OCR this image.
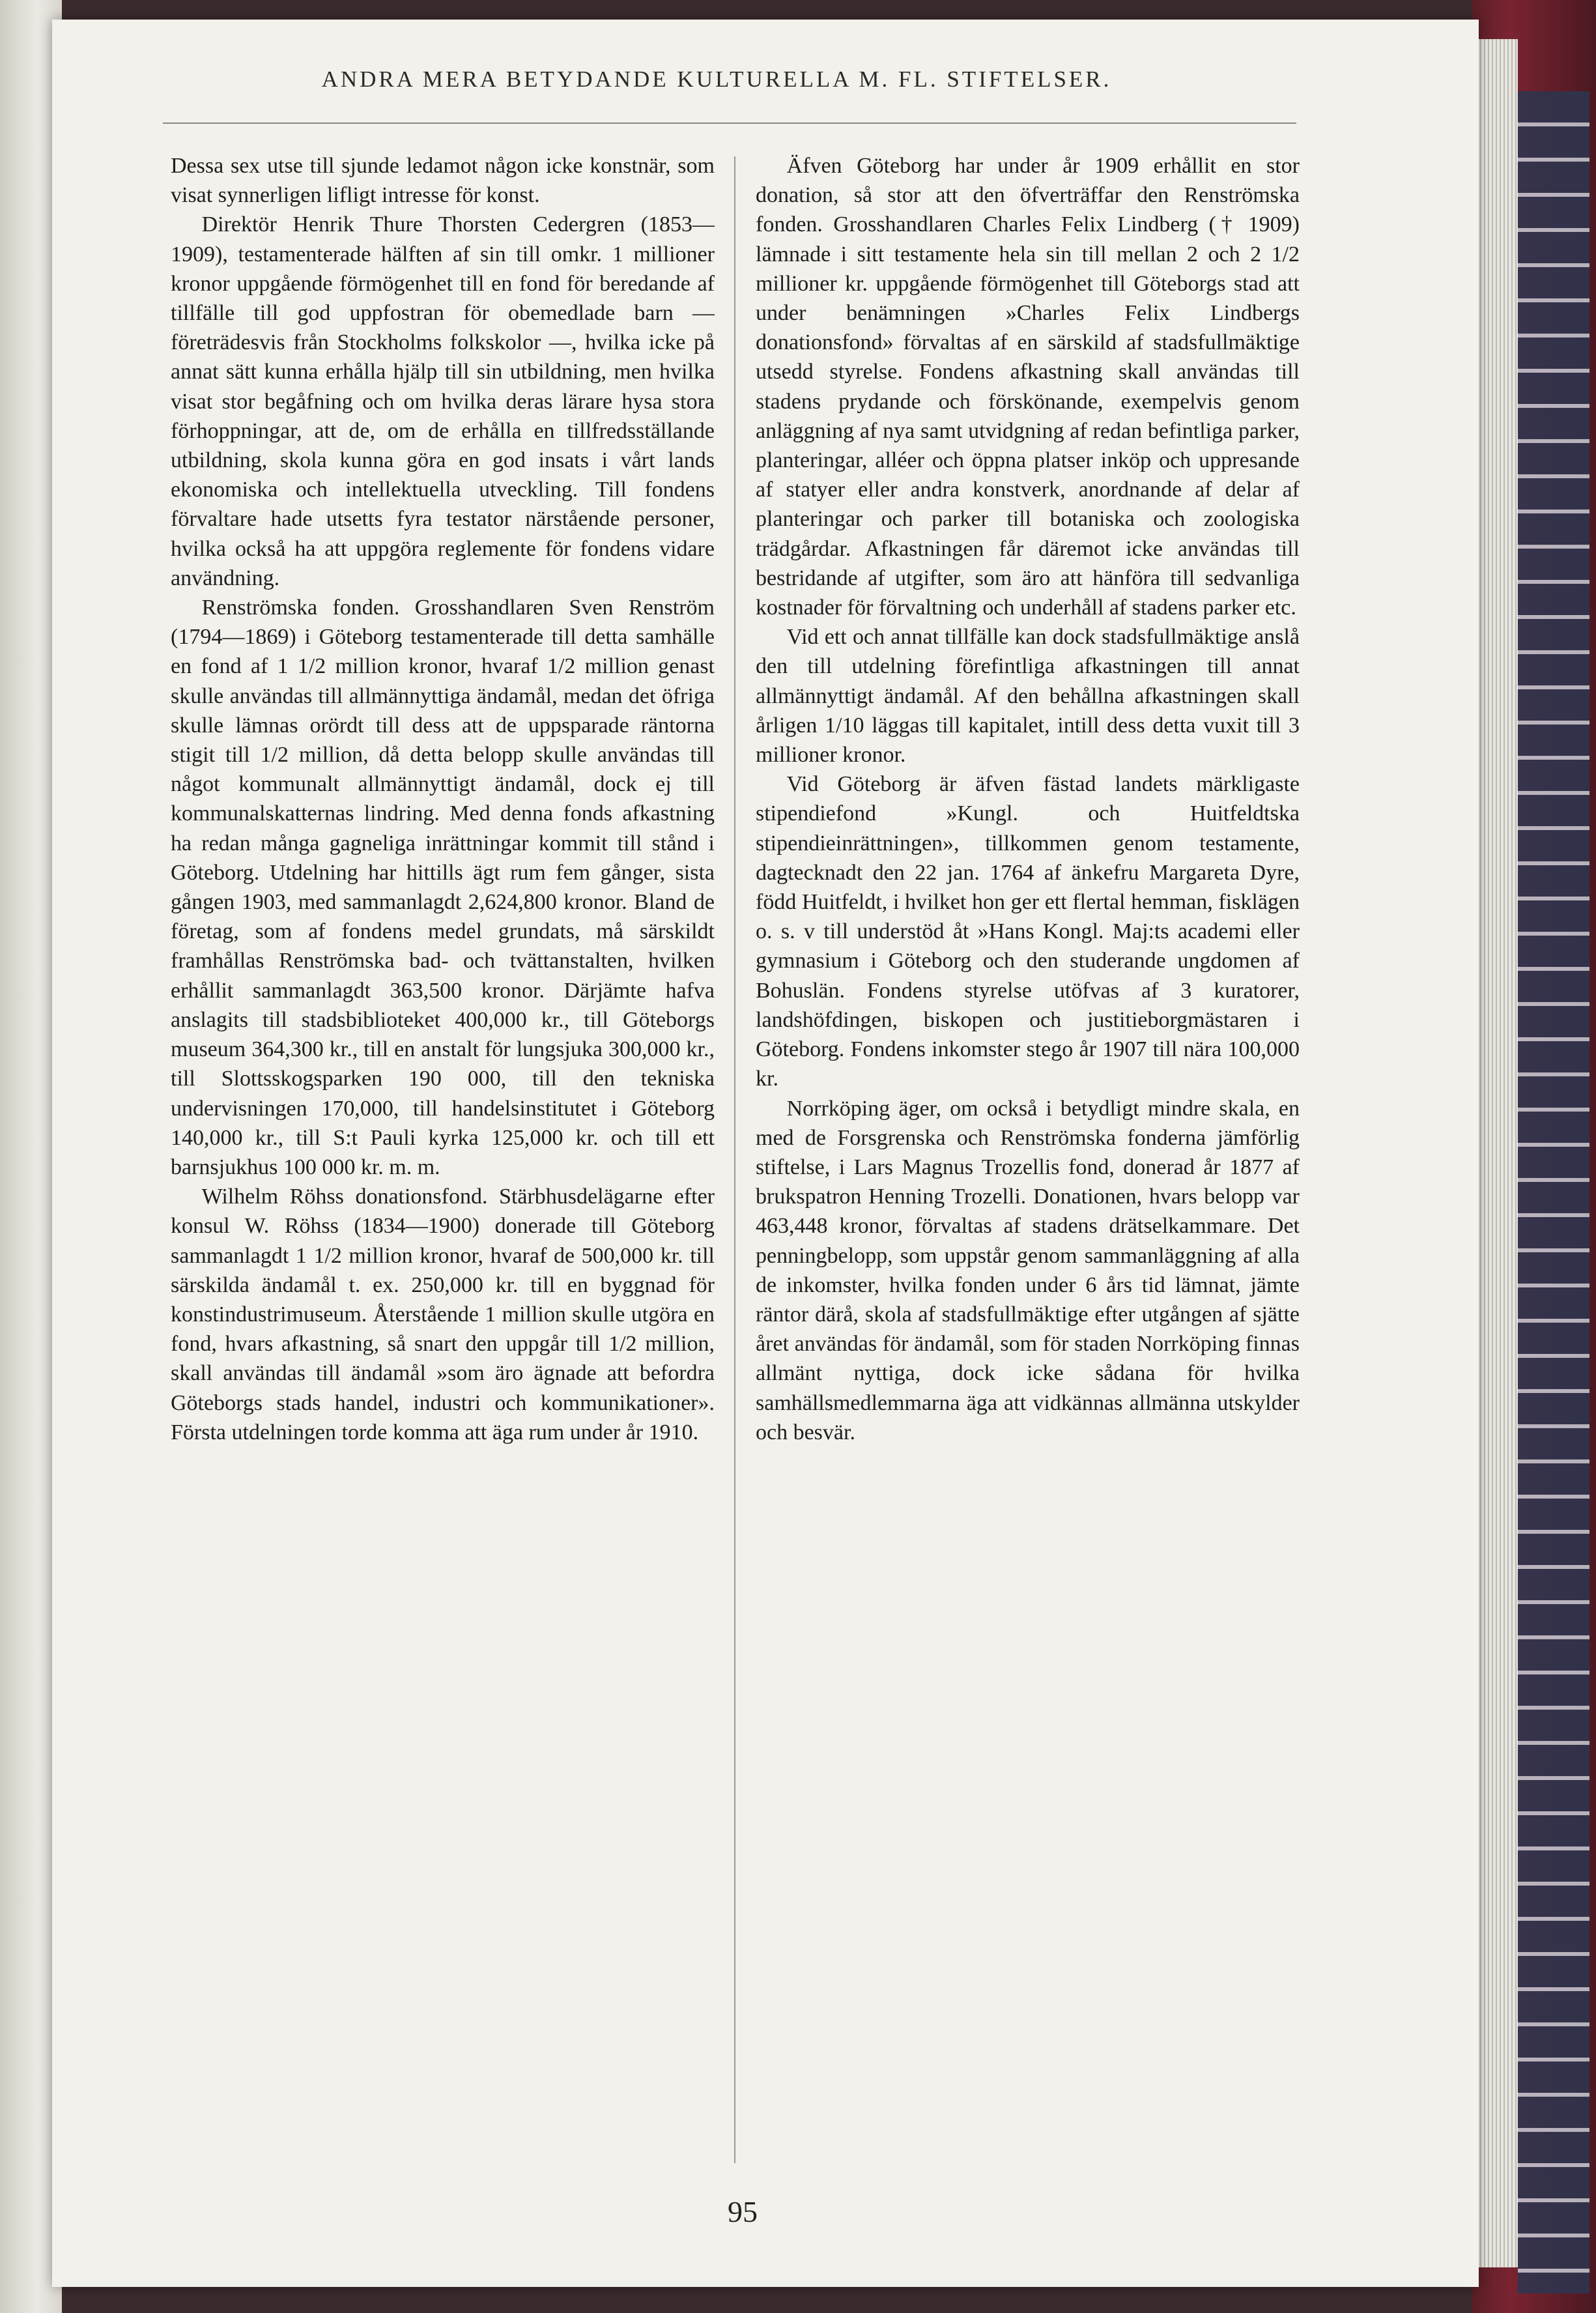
ANDRA MERA BETYDANDE KULTURELLA M. FL. STIFTELSER.

Dessa sex utse till sjunde ledamot någon icke konstnär, som visat synnerligen lifligt intresse för konst.

Direktör Henrik Thure Thorsten Cedergren (1853—1909), testamenterade hälften af sin till omkr. 1 millioner kronor uppgående förmögenhet till en fond för beredande af tillfälle till god uppfostran för obemedlade barn — företrädesvis från Stockholms folkskolor —, hvilka icke på annat sätt kunna erhålla hjälp till sin utbildning, men hvilka visat stor begåfning och om hvilka deras lärare hysa stora förhoppningar, att de, om de erhålla en tillfredsställande utbildning, skola kunna göra en god insats i vårt lands ekonomiska och intellektuella utveckling. Till fondens förvaltare hade utsetts fyra testator närstående personer, hvilka också ha att uppgöra reglemente för fondens vidare användning.

Renströmska fonden. Grosshandlaren Sven Renström (1794—1869) i Göteborg testamenterade till detta samhälle en fond af 1 1/2 million kronor, hvaraf 1/2 million genast skulle användas till allmännyttiga ändamål, medan det öfriga skulle lämnas orördt till dess att de uppsparade räntorna stigit till 1/2 million, då detta belopp skulle användas till något kommunalt allmännyttigt ändamål, dock ej till kommunalskatternas lindring. Med denna fonds afkastning ha redan många gagneliga inrättningar kommit till stånd i Göteborg. Utdelning har hittills ägt rum fem gånger, sista gången 1903, med sammanlagdt 2,624,800 kronor. Bland de företag, som af fondens medel grundats, må särskildt framhållas Renströmska bad- och tvättanstalten, hvilken erhållit sammanlagdt 363,500 kronor. Därjämte hafva anslagits till stadsbiblioteket 400,000 kr., till Göteborgs museum 364,300 kr., till en anstalt för lungsjuka 300,000 kr., till Slottsskogsparken 190 000, till den tekniska undervisningen 170,000, till handelsinstitutet i Göteborg 140,000 kr., till S:t Pauli kyrka 125,000 kr. och till ett barnsjukhus 100 000 kr. m. m.

Wilhelm Röhss donationsfond. Stärbhusdelägarne efter konsul W. Röhss (1834—1900) donerade till Göteborg sammanlagdt 1 1/2 million kronor, hvaraf de 500,000 kr. till särskilda ändamål t. ex. 250,000 kr. till en byggnad för konstindustrimuseum. Återstående 1 million skulle utgöra en fond, hvars afkastning, så snart den uppgår till 1/2 million, skall användas till ändamål »som äro ägnade att befordra Göteborgs stads handel, industri och kommunikationer». Första utdelningen torde komma att äga rum under år 1910.

Äfven Göteborg har under år 1909 erhållit en stor donation, så stor att den öfverträffar den Renströmska fonden. Grosshandlaren Charles Felix Lindberg († 1909) lämnade i sitt testamente hela sin till mellan 2 och 2 1/2 millioner kr. uppgående förmögenhet till Göteborgs stad att under benämningen »Charles Felix Lindbergs donationsfond» förvaltas af en särskild af stadsfullmäktige utsedd styrelse. Fondens afkastning skall användas till stadens prydande och förskönande, exempelvis genom anläggning af nya samt utvidgning af redan befintliga parker, planteringar, alléer och öppna platser inköp och uppresande af statyer eller andra konstverk, anordnande af delar af planteringar och parker till botaniska och zoologiska trädgårdar. Afkastningen får däremot icke användas till bestridande af utgifter, som äro att hänföra till sedvanliga kostnader för förvaltning och underhåll af stadens parker etc.

Vid ett och annat tillfälle kan dock stadsfullmäktige anslå den till utdelning förefintliga afkastningen till annat allmännyttigt ändamål. Af den behållna afkastningen skall årligen 1/10 läggas till kapitalet, intill dess detta vuxit till 3 millioner kronor.

Vid Göteborg är äfven fästad landets märkligaste stipendiefond »Kungl. och Huitfeldtska stipendieinrättningen», tillkommen genom testamente, dagtecknadt den 22 jan. 1764 af änkefru Margareta Dyre, född Huitfeldt, i hvilket hon ger ett flertal hemman, fisklägen o. s. v till understöd åt »Hans Kongl. Maj:ts academi eller gymnasium i Göteborg och den studerande ungdomen af Bohuslän. Fondens styrelse utöfvas af 3 kuratorer, landshöfdingen, biskopen och justitieborgmästaren i Göteborg. Fondens inkomster stego år 1907 till nära 100,000 kr.

Norrköping äger, om också i betydligt mindre skala, en med de Forsgrenska och Renströmska fonderna jämförlig stiftelse, i Lars Magnus Trozellis fond, donerad år 1877 af brukspatron Henning Trozelli. Donationen, hvars belopp var 463,448 kronor, förvaltas af stadens drätselkammare. Det penningbelopp, som uppstår genom sammanläggning af alla de inkomster, hvilka fonden under 6 års tid lämnat, jämte räntor därå, skola af stadsfullmäktige efter utgången af sjätte året användas för ändamål, som för staden Norrköping finnas allmänt nyttiga, dock icke sådana för hvilka samhällsmedlemmarna äga att vidkännas allmänna utskylder och besvär.

95
